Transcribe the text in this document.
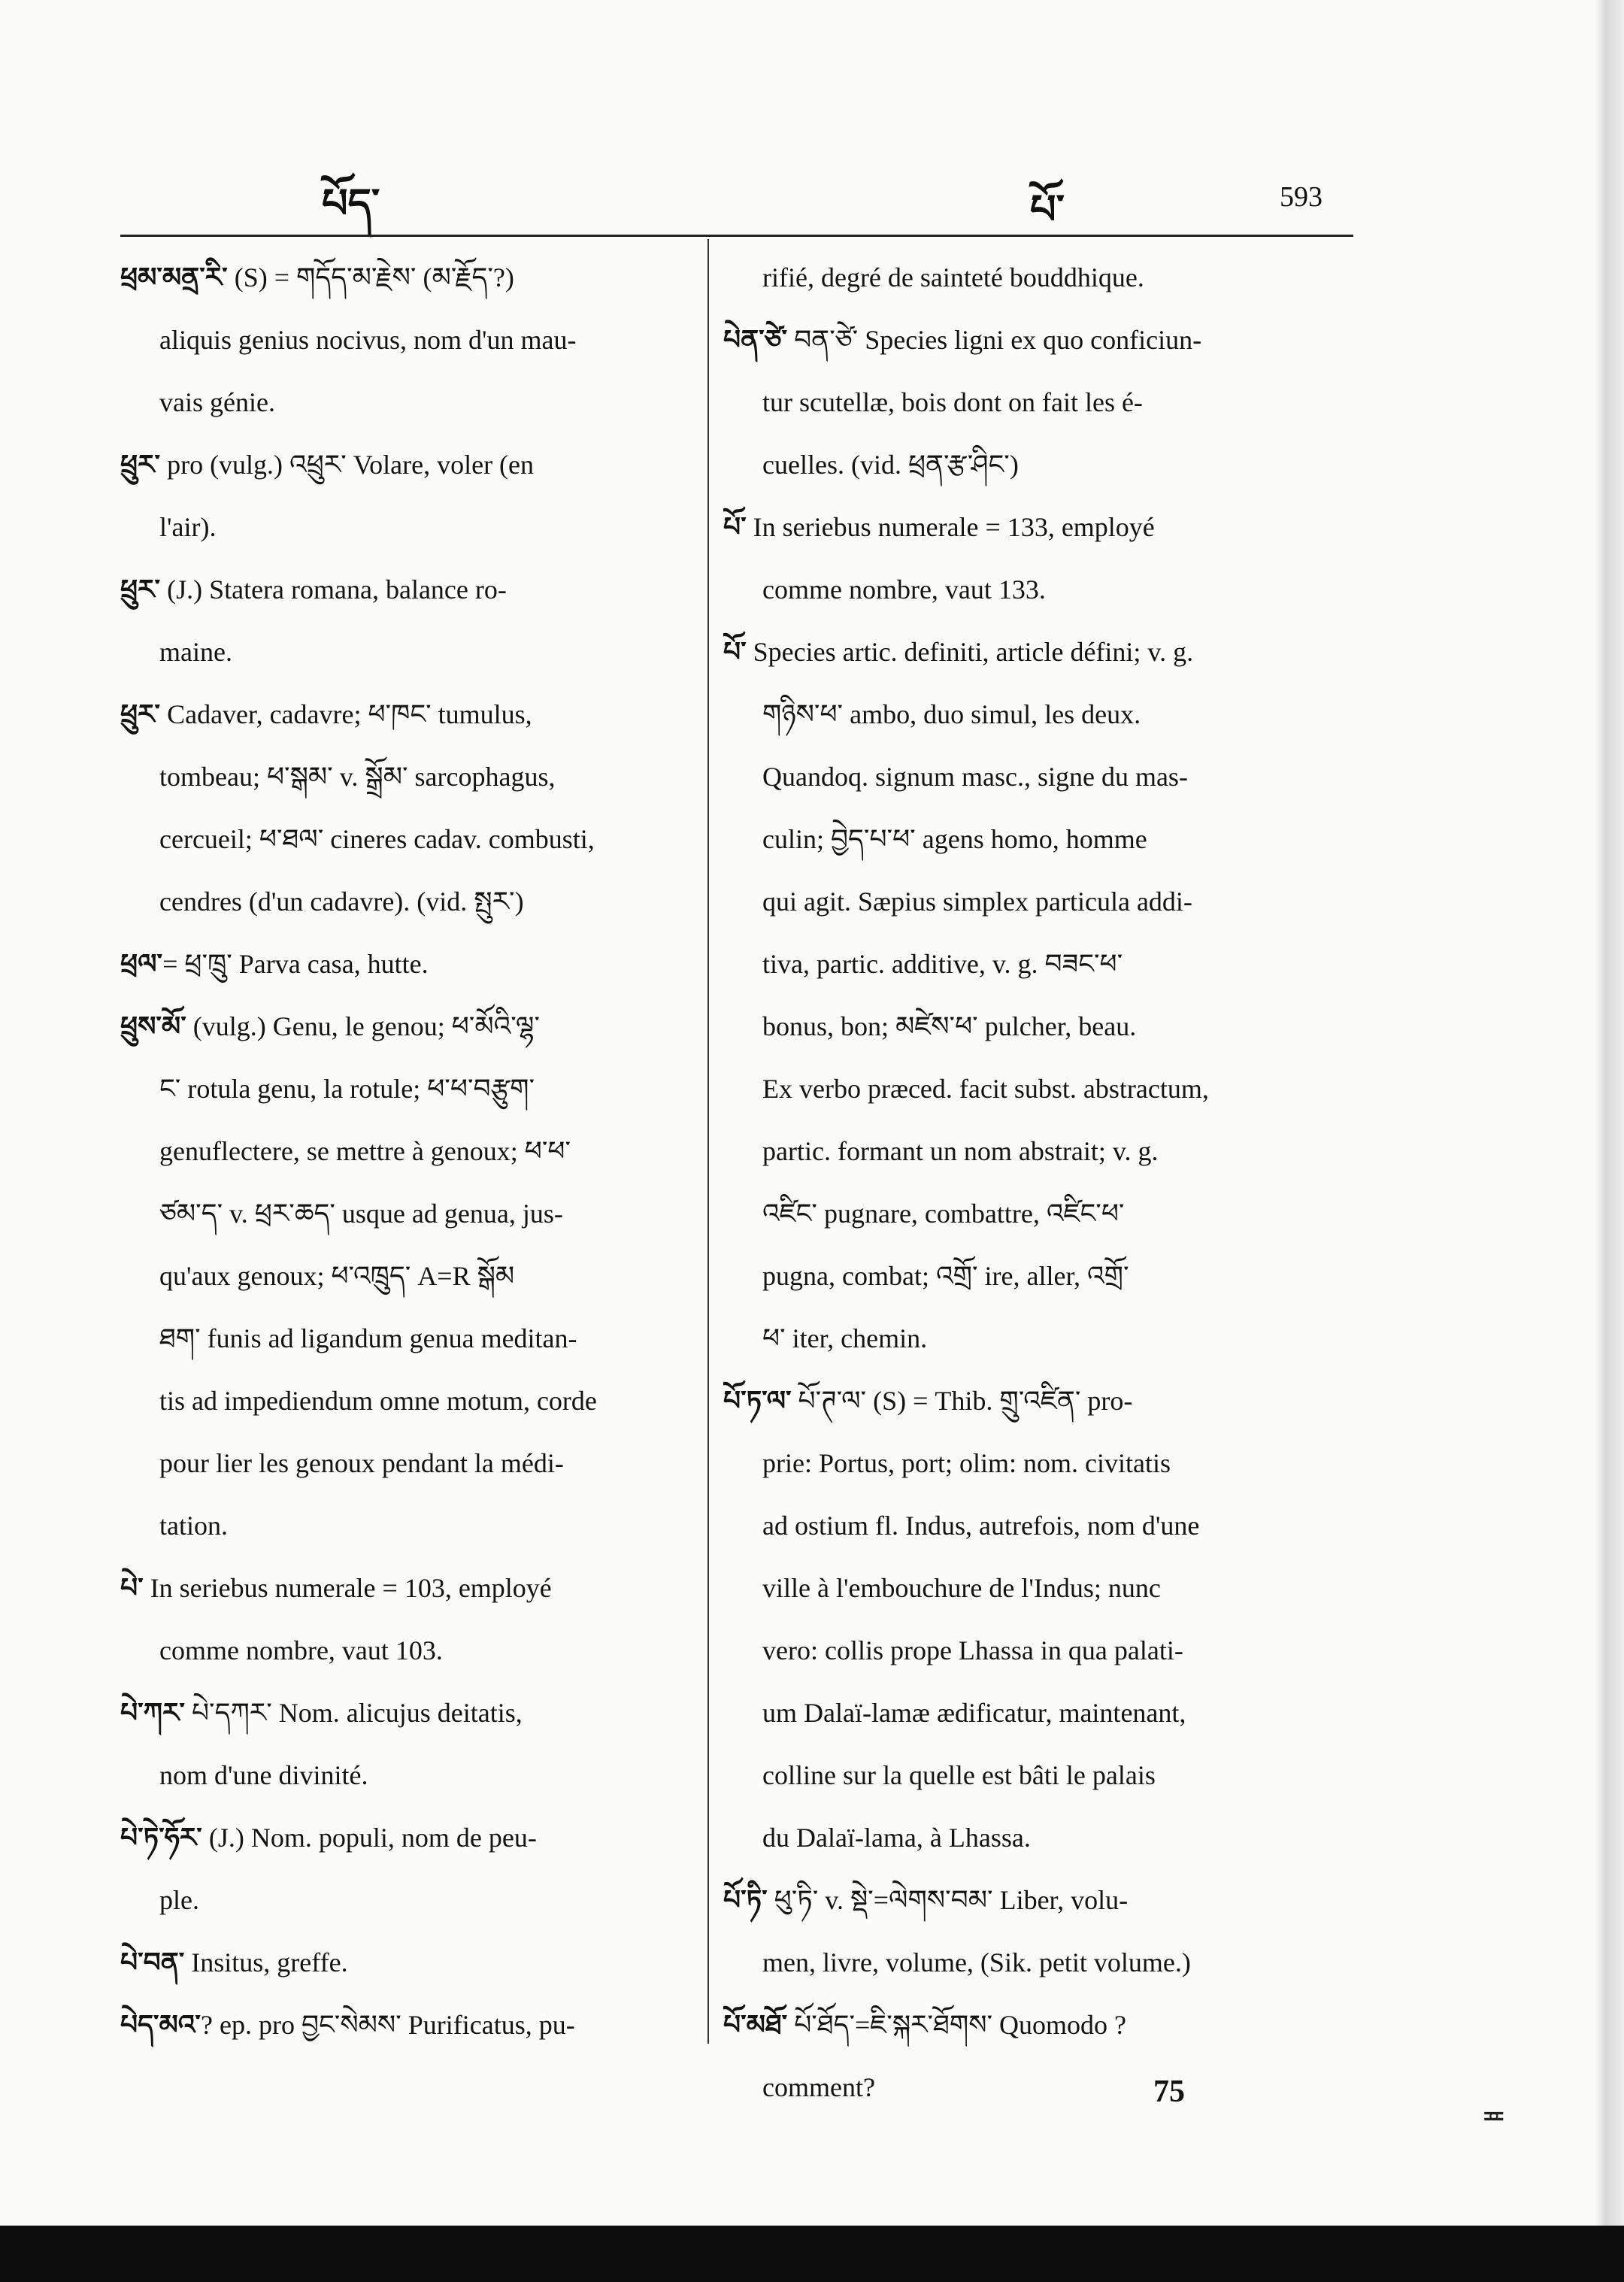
པོད་	པོ་	593
ཕྲམ་མནྲ་རི་ (S) = གདོད་མ་རྗེས་ (མ་རྗོད་?)
aliquis genius nocivus, nom d'un mau-
vais génie.
ཕྲུར་ pro (vulg.) འཕྲུར་ Volare, voler (en
l'air).
ཕྲུར་ (J.) Statera romana, balance ro-
maine.
ཕྲུར་ Cadaver, cadavre; ཕ་ཁང་ tumulus,
tombeau; ཕ་སྒམ་ v. སྒྲོམ་ sarcophagus,
cercueil; ཕ་ཐལ་ cineres cadav. combusti,
cendres (d'un cadavre). (vid. སྤུར་)
ཕྲལ་= ཕྲ་ཁྲུ་ Parva casa, hutte.
ཕྲུས་མོ་ (vulg.) Genu, le genou; ཕ་མོའི་ལྷ་
ང་ rotula genu, la rotule; ཕ་ཕ་བརྩུག་
genuflectere, se mettre à genoux; ཕ་ཕ་
ཙམ་ད་ v. ཕྲར་ཆད་ usque ad genua, jus-
qu'aux genoux; ཕ་འཁྲུད་ A=R སྒོམ
ཐག་ funis ad ligandum genua meditan-
tis ad impediendum omne motum, corde
pour lier les genoux pendant la médi-
tation.
པེ་ In seriebus numerale = 103, employé
comme nombre, vaut 103.
པེ་ཀར་ པེ་དཀར་ Nom. alicujus deitatis,
nom d'une divinité.
པེ་ཏེ་ཧོར་ (J.) Nom. populi, nom de peu-
ple.
པེ་བན་ Insitus, greffe.
པེད་མའ་? ep. pro བྱང་སེམས་ Purificatus, pu-
rifié, degré de sainteté bouddhique.
པེན་ཙེ་ བན་ཙེ་ Species ligni ex quo conficiun-
tur scutellæ, bois dont on fait les é-
cuelles. (vid. ཕྲན་རྩ་ཤིང་)
པོ་ In seriebus numerale = 133, employé
comme nombre, vaut 133.
པོ་ Species artic. definiti, article défini; v. g.
གཉིས་ཕ་ ambo, duo simul, les deux.
Quandoq. signum masc., signe du mas-
culin; བྱེད་པ་ཕ་ agens homo, homme
qui agit. Sæpius simplex particula addi-
tiva, partic. additive, v. g. བཟང་ཕ་
bonus, bon; མཛེས་ཕ་ pulcher, beau.
Ex verbo præced. facit subst. abstractum,
partic. formant un nom abstrait; v. g.
འཛིང་ pugnare, combattre, འཛིང་ཕ་
pugna, combat; འགྲོ་ ire, aller, འགྲོ་
ཕ་ iter, chemin.
པོ་ཏ་ལ་ པོ་ཊ་ལ་ (S) = Thib. གྲུ་འཛིན་ pro-
prie: Portus, port; olim: nom. civitatis
ad ostium fl. Indus, autrefois, nom d'une
ville à l'embouchure de l'Indus; nunc
vero: collis prope Lhassa in qua palati-
um Dalaï-lamæ ædificatur, maintenant,
colline sur la quelle est bâti le palais
du Dalaï-lama, à Lhassa.
པོ་ཏི་ ཕུ་ཏི་ v. སྡེ་=ལེགས་བམ་ Liber, volu-
men, livre, volume, (Sik. petit volume.)
པོ་མཐོ་ པོ་ཐོད་=ཇི་སྐར་ཐོགས་ Quomodo ?
comment?	75
≖
